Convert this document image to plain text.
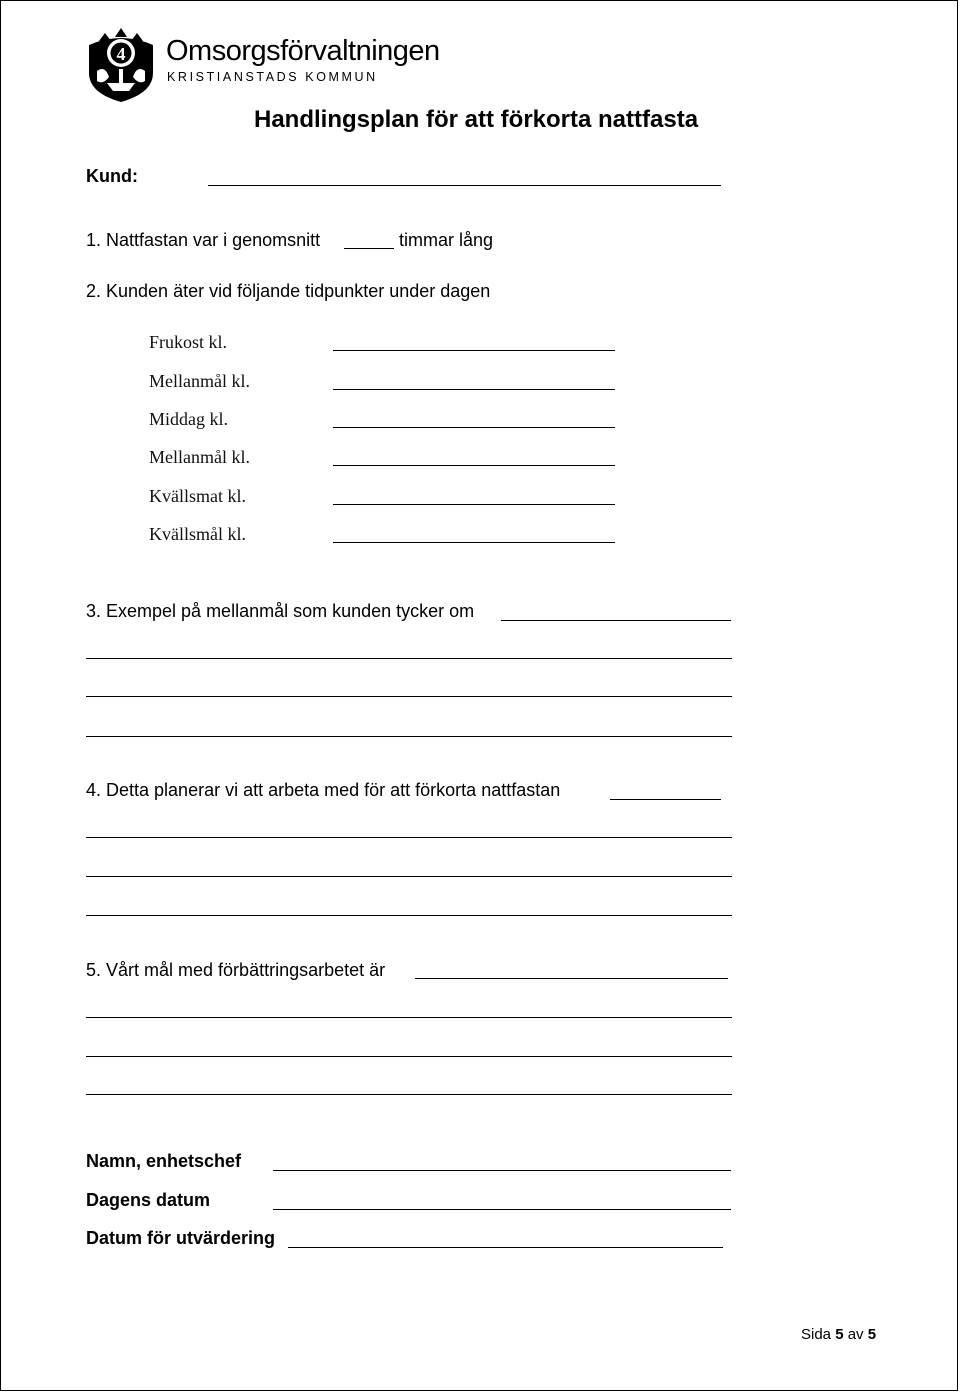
4 Omsorgsförvaltningen
KRISTIANSTADS KOMMUN
Handlingsplan för att förkorta nattfasta
Kund:
1. Nattfastan var i genomsnitt	timmar lång
2. Kunden äter vid följande tidpunkter under dagen
Frukost kl.
Mellanmål kl.
Middag kl.
Mellanmål kl.
Kvällsmat kl.
Kvällsmål kl.
3. Exempel på mellanmål som kunden tycker om
4. Detta planerar vi att arbeta med för att förkorta nattfastan
5. Vårt mål med förbättringsarbetet är
Namn, enhetschef
Dagens datum
Datum för utvärdering
Sida 5 av 5
